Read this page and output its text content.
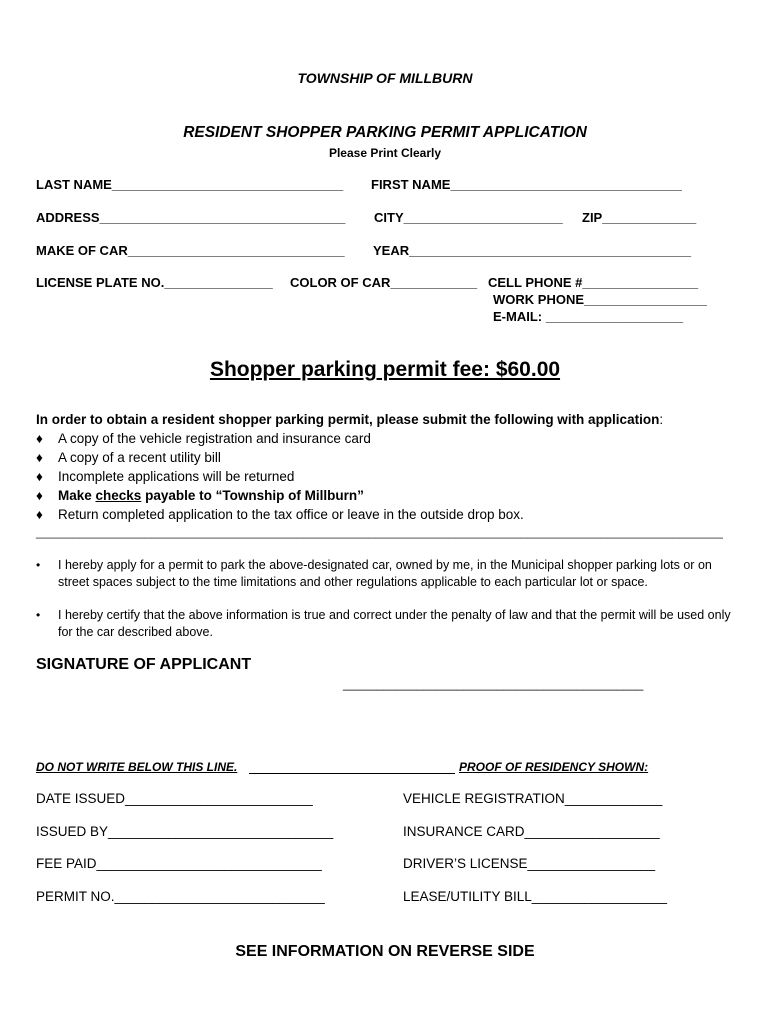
TOWNSHIP OF MILLBURN
RESIDENT SHOPPER PARKING PERMIT APPLICATION
Please Print Clearly
LAST NAME________________________________ FIRST NAME________________________________
ADDRESS__________________________________ CITY______________________ ZIP_____________
MAKE OF CAR______________________________ YEAR_______________________________________
LICENSE PLATE NO._______________ COLOR OF CAR____________ CELL PHONE #________________
WORK PHONE_________________
E-MAIL: ___________________
Shopper parking permit fee: $60.00
In order to obtain a resident shopper parking permit, please submit the following with application:
♦ A copy of the vehicle registration and insurance card
♦ A copy of a recent utility bill
♦ Incomplete applications will be returned
♦ Make checks payable to “Township of Millburn”
♦ Return completed application to the tax office or leave in the outside drop box.
_______________________________________________________________________________________________
• I hereby apply for a permit to park the above-designated car, owned by me, in the Municipal shopper parking lots or on street spaces subject to the time limitations and other regulations applicable to each particular lot or space.
• I hereby certify that the above information is true and correct under the penalty of law and that the permit will be used only for the car described above.
SIGNATURE OF APPLICANT
_____________________________________________
DO NOT WRITE BELOW THIS LINE.	PROOF OF RESIDENCY SHOWN:
DATE ISSUED_________________________
ISSUED BY______________________________
FEE PAID______________________________
PERMIT NO.____________________________
VEHICLE REGISTRATION_____________
INSURANCE CARD__________________
DRIVER’S LICENSE_________________
LEASE/UTILITY BILL__________________
SEE INFORMATION ON REVERSE SIDE
